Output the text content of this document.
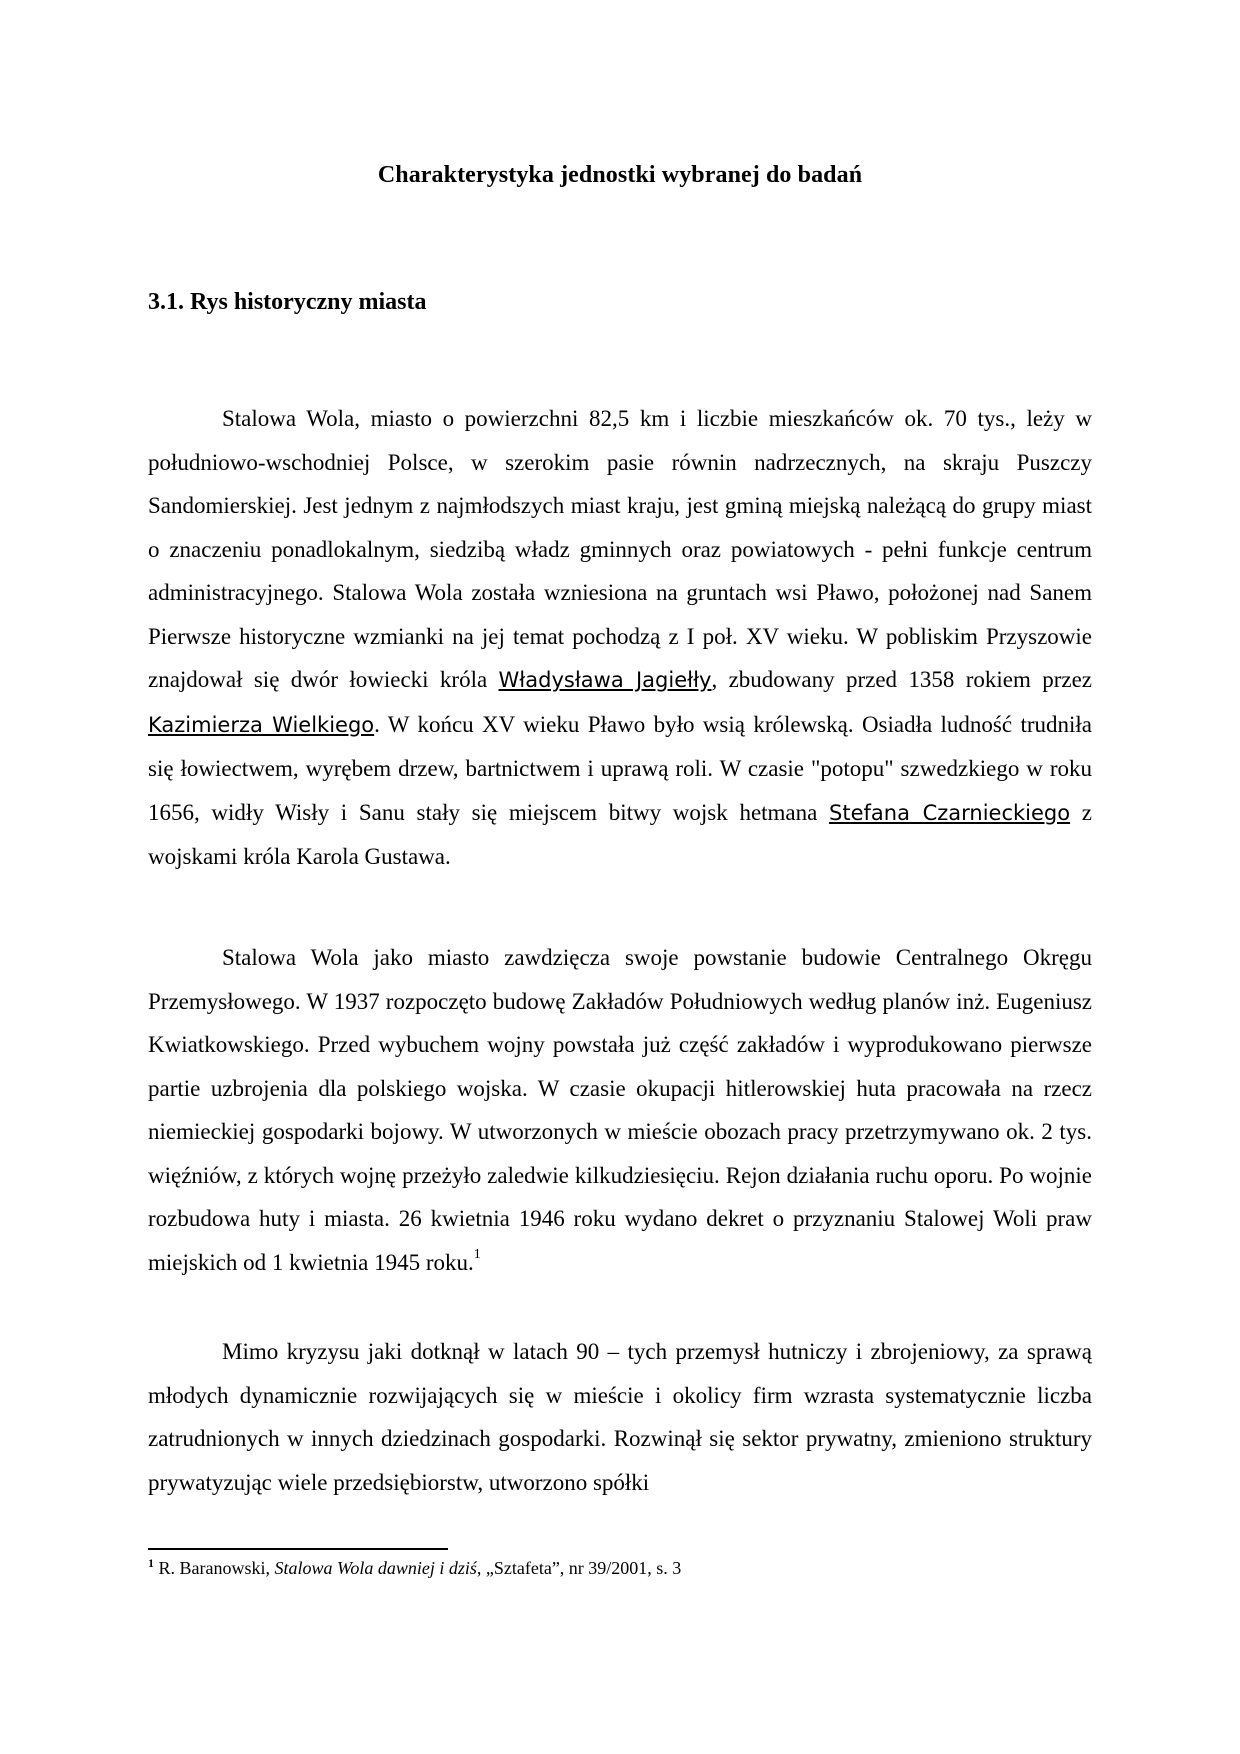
Charakterystyka jednostki wybranej do badań
3.1. Rys historyczny miasta

Stalowa Wola, miasto o powierzchni 82,5 km i liczbie mieszkańców ok. 70 tys., leży w południowo-wschodniej Polsce, w szerokim pasie równin nadrzecznych, na skraju Puszczy Sandomierskiej. Jest jednym z najmłodszych miast kraju, jest gminą miejską należącą do grupy miast o znaczeniu ponadlokalnym, siedzibą władz gminnych oraz powiatowych - pełni funkcje centrum administracyjnego. Stalowa Wola została wzniesiona na gruntach wsi Pławo, położonej nad Sanem Pierwsze historyczne wzmianki na jej temat pochodzą z I poł. XV wieku. W pobliskim Przyszowie znajdował się dwór łowiecki króla Władysława Jagiełły, zbudowany przed 1358 rokiem przez Kazimierza Wielkiego. W końcu XV wieku Pławo było wsią królewską. Osiadła ludność trudniła się łowiectwem, wyrębem drzew, bartnictwem i uprawą roli. W czasie "potopu" szwedzkiego w roku 1656, widły Wisły i Sanu stały się miejscem bitwy wojsk hetmana Stefana Czarnieckiego z wojskami króla Karola Gustawa.

Stalowa Wola jako miasto zawdzięcza swoje powstanie budowie Centralnego Okręgu Przemysłowego. W 1937 rozpoczęto budowę Zakładów Południowych według planów inż. Eugeniusz Kwiatkowskiego. Przed wybuchem wojny powstała już część zakładów i wyprodukowano pierwsze partie uzbrojenia dla polskiego wojska. W czasie okupacji hitlerowskiej huta pracowała na rzecz niemieckiej gospodarki bojowy. W utworzonych w mieście obozach pracy przetrzymywano ok. 2 tys. więźniów, z których wojnę przeżyło zaledwie kilkudziesięciu. Rejon działania ruchu oporu. Po wojnie rozbudowa huty i miasta. 26 kwietnia 1946 roku wydano dekret o przyznaniu Stalowej Woli praw miejskich od 1 kwietnia 1945 roku.$^1$

Mimo kryzysu jaki dotknął w latach 90 – tych przemysł hutniczy i zbrojeniowy, za sprawą młodych dynamicznie rozwijających się w mieście i okolicy firm wzrasta systematycznie liczba zatrudnionych w innych dziedzinach gospodarki. Rozwinął się sektor prywatny, zmieniono struktury prywatyzując wiele przedsiębiorstw, utworzono spółki

$^1$ R. Baranowski, Stalowa Wola dawniej i dziś, „Sztafeta”, nr 39/2001, s. 3
